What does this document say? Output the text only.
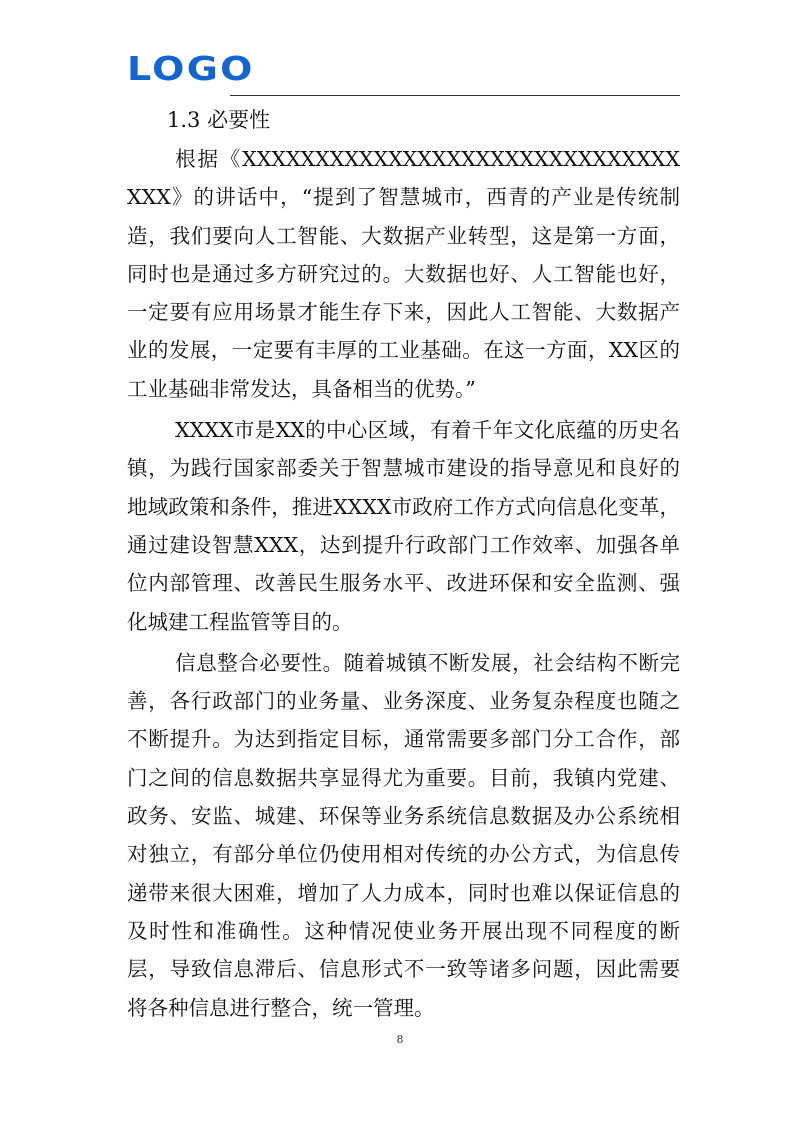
LOGO
1.3 必要性

根据《XXXXXXXXXXXXXXXXXXXXXXXXXXXXXXXXX》的讲话中，“提到了智慧城市，西青的产业是传统制造，我们要向人工智能、大数据产业转型，这是第一方面，同时也是通过多方研究过的。大数据也好、人工智能也好，一定要有应用场景才能生存下来，因此人工智能、大数据产业的发展，一定要有丰厚的工业基础。在这一方面，XX区的工业基础非常发达，具备相当的优势。”

XXXX市是XX的中心区域，有着千年文化底蕴的历史名镇，为践行国家部委关于智慧城市建设的指导意见和良好的地域政策和条件，推进XXXX市政府工作方式向信息化变革，通过建设智慧XXX，达到提升行政部门工作效率、加强各单位内部管理、改善民生服务水平、改进环保和安全监测、强化城建工程监管等目的。

信息整合必要性。随着城镇不断发展，社会结构不断完善，各行政部门的业务量、业务深度、业务复杂程度也随之不断提升。为达到指定目标，通常需要多部门分工合作，部门之间的信息数据共享显得尤为重要。目前，我镇内党建、政务、安监、城建、环保等业务系统信息数据及办公系统相对独立，有部分单位仍使用相对传统的办公方式，为信息传递带来很大困难，增加了人力成本，同时也难以保证信息的及时性和准确性。这种情况使业务开展出现不同程度的断层，导致信息滞后、信息形式不一致等诸多问题，因此需要将各种信息进行整合，统一管理。

8
